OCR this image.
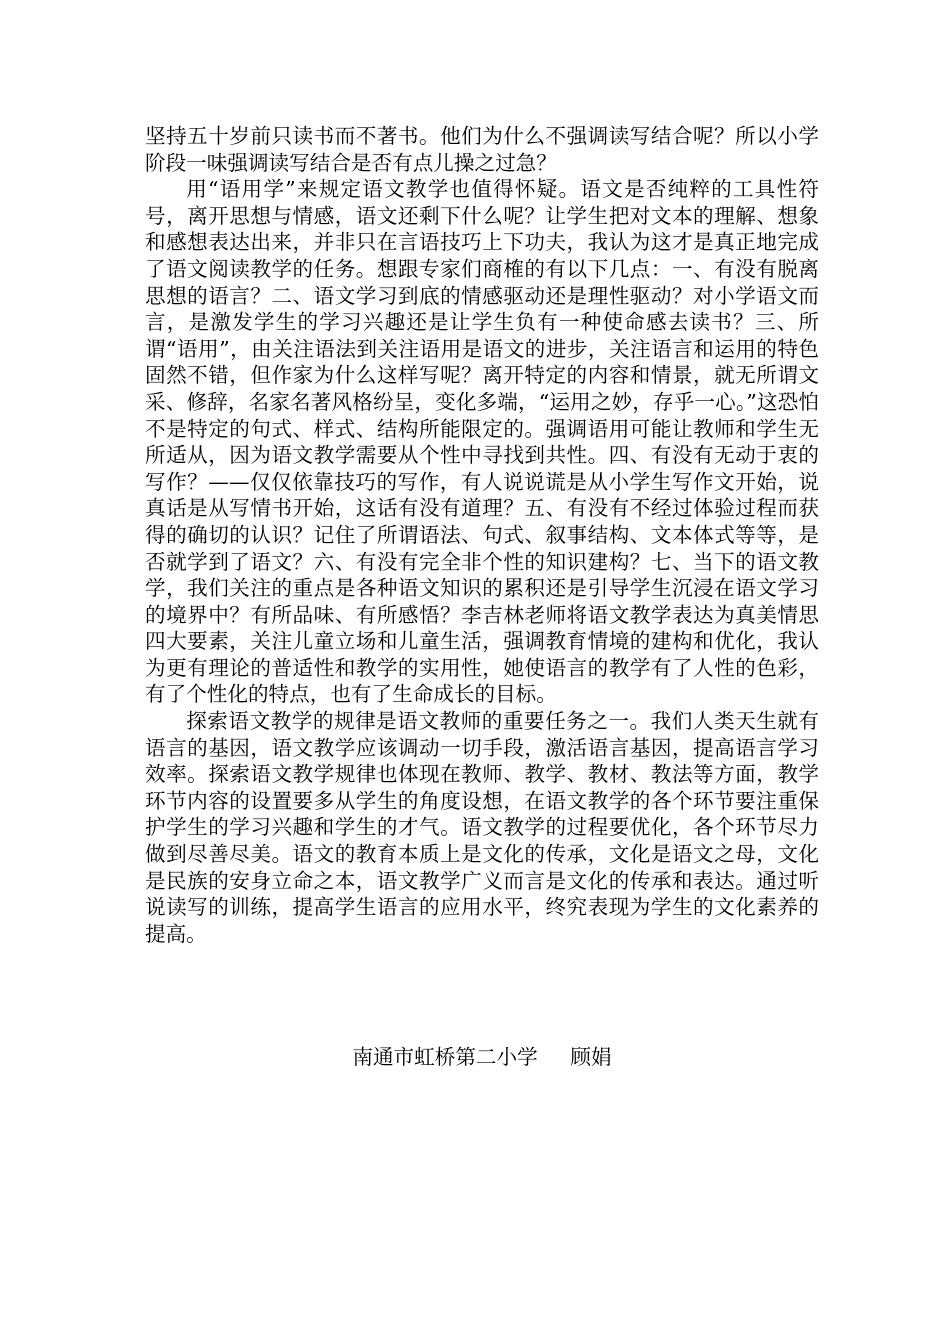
坚持五十岁前只读书而不著书。他们为什么不强调读写结合呢？所以小学阶段一味强调读写结合是否有点儿操之过急？

用“语用学”来规定语文教学也值得怀疑。语文是否纯粹的工具性符号，离开思想与情感，语文还剩下什么呢？让学生把对文本的理解、想象和感想表达出来，并非只在言语技巧上下功夫，我认为这才是真正地完成了语文阅读教学的任务。想跟专家们商榷的有以下几点：一、有没有脱离思想的语言？二、语文学习到底的情感驱动还是理性驱动？对小学语文而言，是激发学生的学习兴趣还是让学生负有一种使命感去读书？三、所谓“语用”，由关注语法到关注语用是语文的进步，关注语言和运用的特色固然不错，但作家为什么这样写呢？离开特定的内容和情景，就无所谓文采、修辞，名家名著风格纷呈，变化多端，“运用之妙，存乎一心。”这恐怕不是特定的句式、样式、结构所能限定的。强调语用可能让教师和学生无所适从，因为语文教学需要从个性中寻找到共性。四、有没有无动于衷的写作？——仅仅依靠技巧的写作，有人说说谎是从小学生写作文开始，说真话是从写情书开始，这话有没有道理？五、有没有不经过体验过程而获得的确切的认识？记住了所谓语法、句式、叙事结构、文本体式等等，是否就学到了语文？六、有没有完全非个性的知识建构？七、当下的语文教学，我们关注的重点是各种语文知识的累积还是引导学生沉浸在语文学习的境界中？有所品味、有所感悟？李吉林老师将语文教学表达为真美情思四大要素，关注儿童立场和儿童生活，强调教育情境的建构和优化，我认为更有理论的普适性和教学的实用性，她使语言的教学有了人性的色彩，有了个性化的特点，也有了生命成长的目标。

探索语文教学的规律是语文教师的重要任务之一。我们人类天生就有语言的基因，语文教学应该调动一切手段，激活语言基因，提高语言学习效率。探索语文教学规律也体现在教师、教学、教材、教法等方面，教学环节内容的设置要多从学生的角度设想，在语文教学的各个环节要注重保护学生的学习兴趣和学生的才气。语文教学的过程要优化，各个环节尽力做到尽善尽美。语文的教育本质上是文化的传承，文化是语文之母，文化是民族的安身立命之本，语文教学广义而言是文化的传承和表达。通过听说读写的训练，提高学生语言的应用水平，终究表现为学生的文化素养的提高。

南通市虹桥第二小学     顾娟
